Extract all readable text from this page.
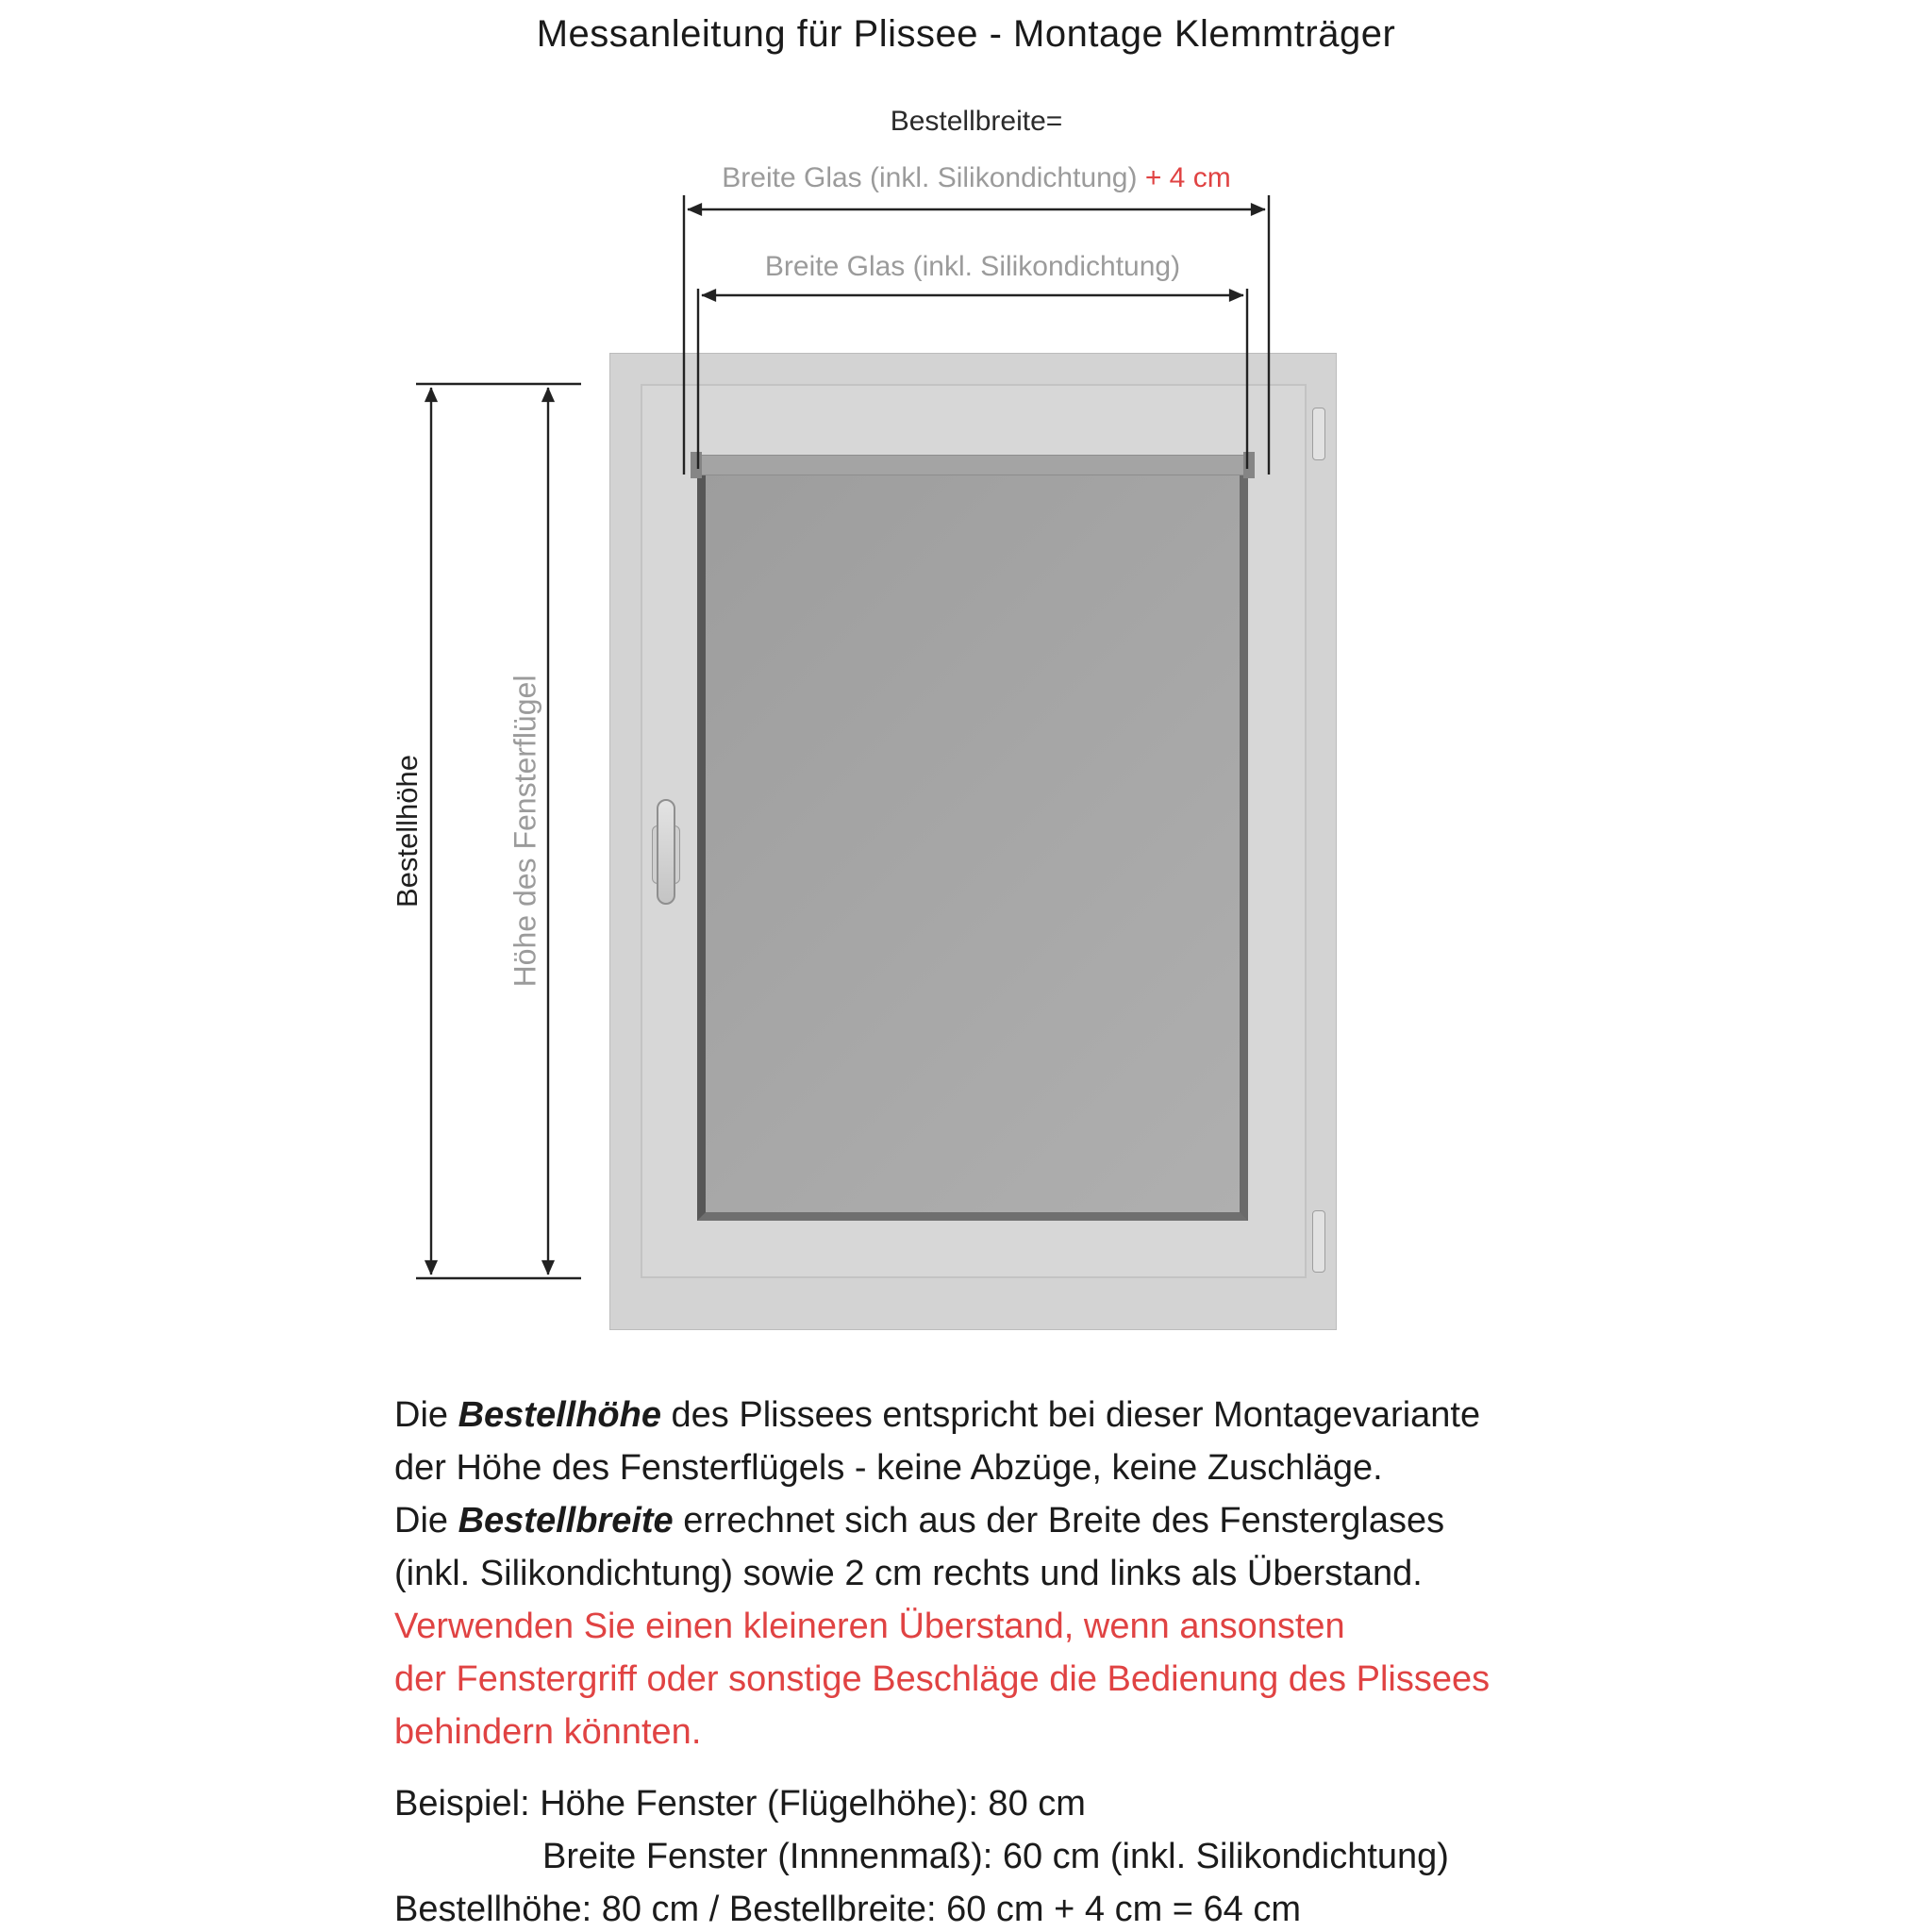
Messanleitung für Plissee - Montage Klemmträger
Bestellbreite=
Breite Glas (inkl. Silikondichtung) + 4 cm
Breite Glas (inkl. Silikondichtung)
Bestellhöhe	Höhe des Fensterflügel
Die Bestellhöhe des Plissees entspricht bei dieser Montagevariante
der Höhe des Fensterflügels - keine Abzüge, keine Zuschläge.
Die Bestellbreite errechnet sich aus der Breite des Fensterglases
(inkl. Silikondichtung) sowie 2 cm rechts und links als Überstand.
Verwenden Sie einen kleineren Überstand, wenn ansonsten
der Fenstergriff oder sonstige Beschläge die Bedienung des Plissees
behindern könnten.
Beispiel: Höhe Fenster (Flügelhöhe): 80 cm
Breite Fenster (Innnenmaß): 60 cm (inkl. Silikondichtung)
Bestellhöhe: 80 cm / Bestellbreite: 60 cm + 4 cm = 64 cm
